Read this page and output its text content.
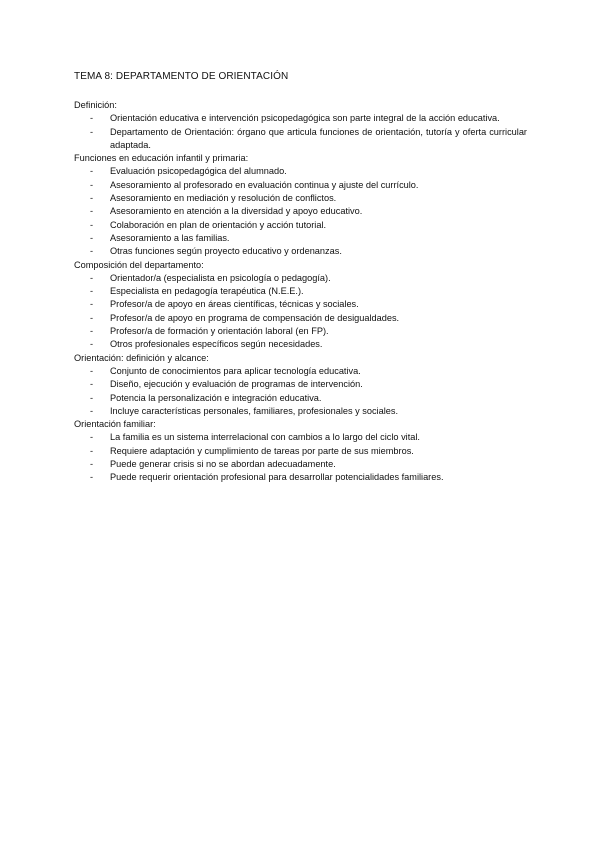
TEMA 8: DEPARTAMENTO DE ORIENTACIÓN
Definición:
-	Orientación educativa e intervención psicopedagógica son parte integral de la acción educativa.
-	Departamento de Orientación: órgano que articula funciones de orientación, tutoría y oferta curricular adaptada.
Funciones en educación infantil y primaria:
-	Evaluación psicopedagógica del alumnado.
-	Asesoramiento al profesorado en evaluación continua y ajuste del currículo.
-	Asesoramiento en mediación y resolución de conflictos.
-	Asesoramiento en atención a la diversidad y apoyo educativo.
-	Colaboración en plan de orientación y acción tutorial.
-	Asesoramiento a las familias.
-	Otras funciones según proyecto educativo y ordenanzas.
Composición del departamento:
-	Orientador/a (especialista en psicología o pedagogía).
-	Especialista en pedagogía terapéutica (N.E.E.).
-	Profesor/a de apoyo en áreas científicas, técnicas y sociales.
-	Profesor/a de apoyo en programa de compensación de desigualdades.
-	Profesor/a de formación y orientación laboral (en FP).
-	Otros profesionales específicos según necesidades.
Orientación: definición y alcance:
-	Conjunto de conocimientos para aplicar tecnología educativa.
-	Diseño, ejecución y evaluación de programas de intervención.
-	Potencia la personalización e integración educativa.
-	Incluye características personales, familiares, profesionales y sociales.
Orientación familiar:
-	La familia es un sistema interrelacional con cambios a lo largo del ciclo vital.
-	Requiere adaptación y cumplimiento de tareas por parte de sus miembros.
-	Puede generar crisis si no se abordan adecuadamente.
-	Puede requerir orientación profesional para desarrollar potencialidades familiares.
